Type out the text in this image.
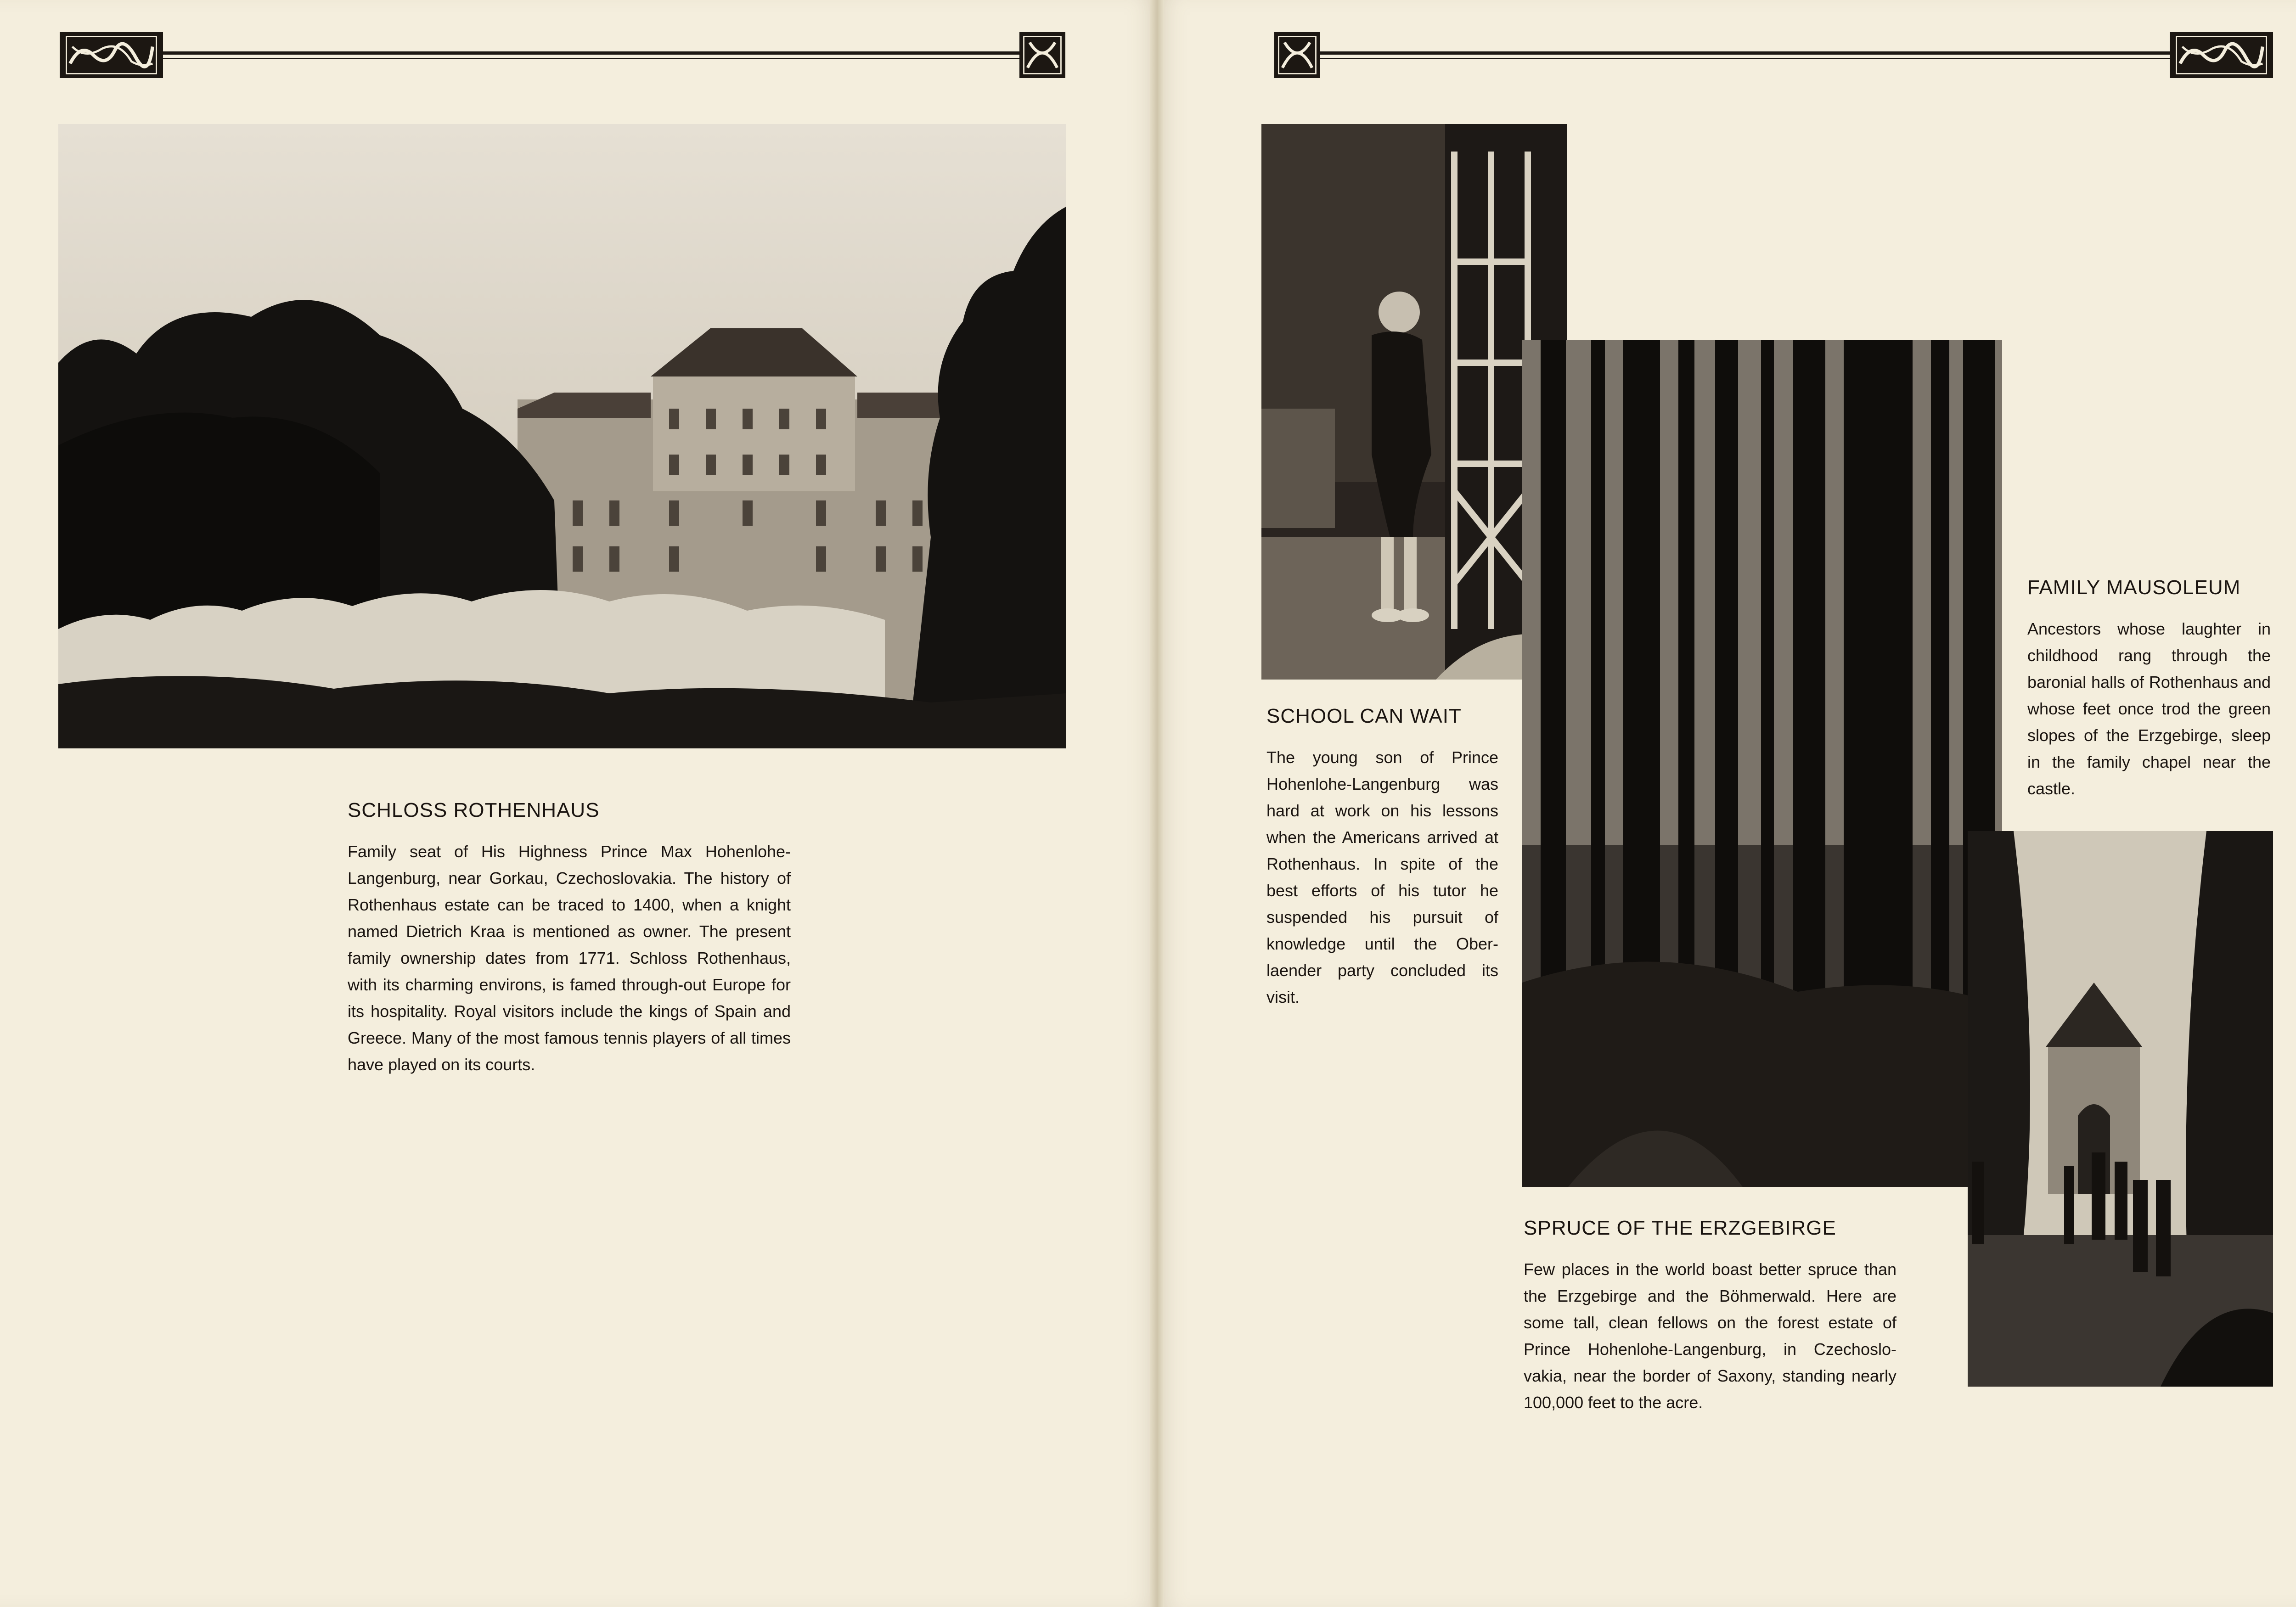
SCHLOSS ROTHENHAUS

Family seat of His Highness Prince Max Hohenlohe-Langenburg, near Gorkau, Czechoslovakia. The history of Rothenhaus estate can be traced to 1400, when a knight named Dietrich Kraa is mentioned as owner. The present family ownership dates from 1771. Schloss Rothenhaus, with its charming environs, is famed through-out Europe for its hospitality. Royal visitors include the kings of Spain and Greece. Many of the most famous tennis players of all times have played on its courts.

SCHOOL CAN WAIT

The young son of Prince Hohenlohe-Langenburg was hard at work on his lessons when the Americans arrived at Rothenhaus. In spite of the best efforts of his tutor he suspended his pursuit of knowledge until the Ober-laender party concluded its visit.

FAMILY MAUSOLEUM

Ancestors whose laughter in childhood rang through the baronial halls of Rothenhaus and whose feet once trod the green slopes of the Erzgebirge, sleep in the family chapel near the castle.

SPRUCE OF THE ERZGEBIRGE

Few places in the world boast better spruce than the Erzgebirge and the Böhmerwald. Here are some tall, clean fellows on the forest estate of Prince Hohenlohe-Langenburg, in Czechoslo-vakia, near the border of Saxony, standing nearly 100,000 feet to the acre.
